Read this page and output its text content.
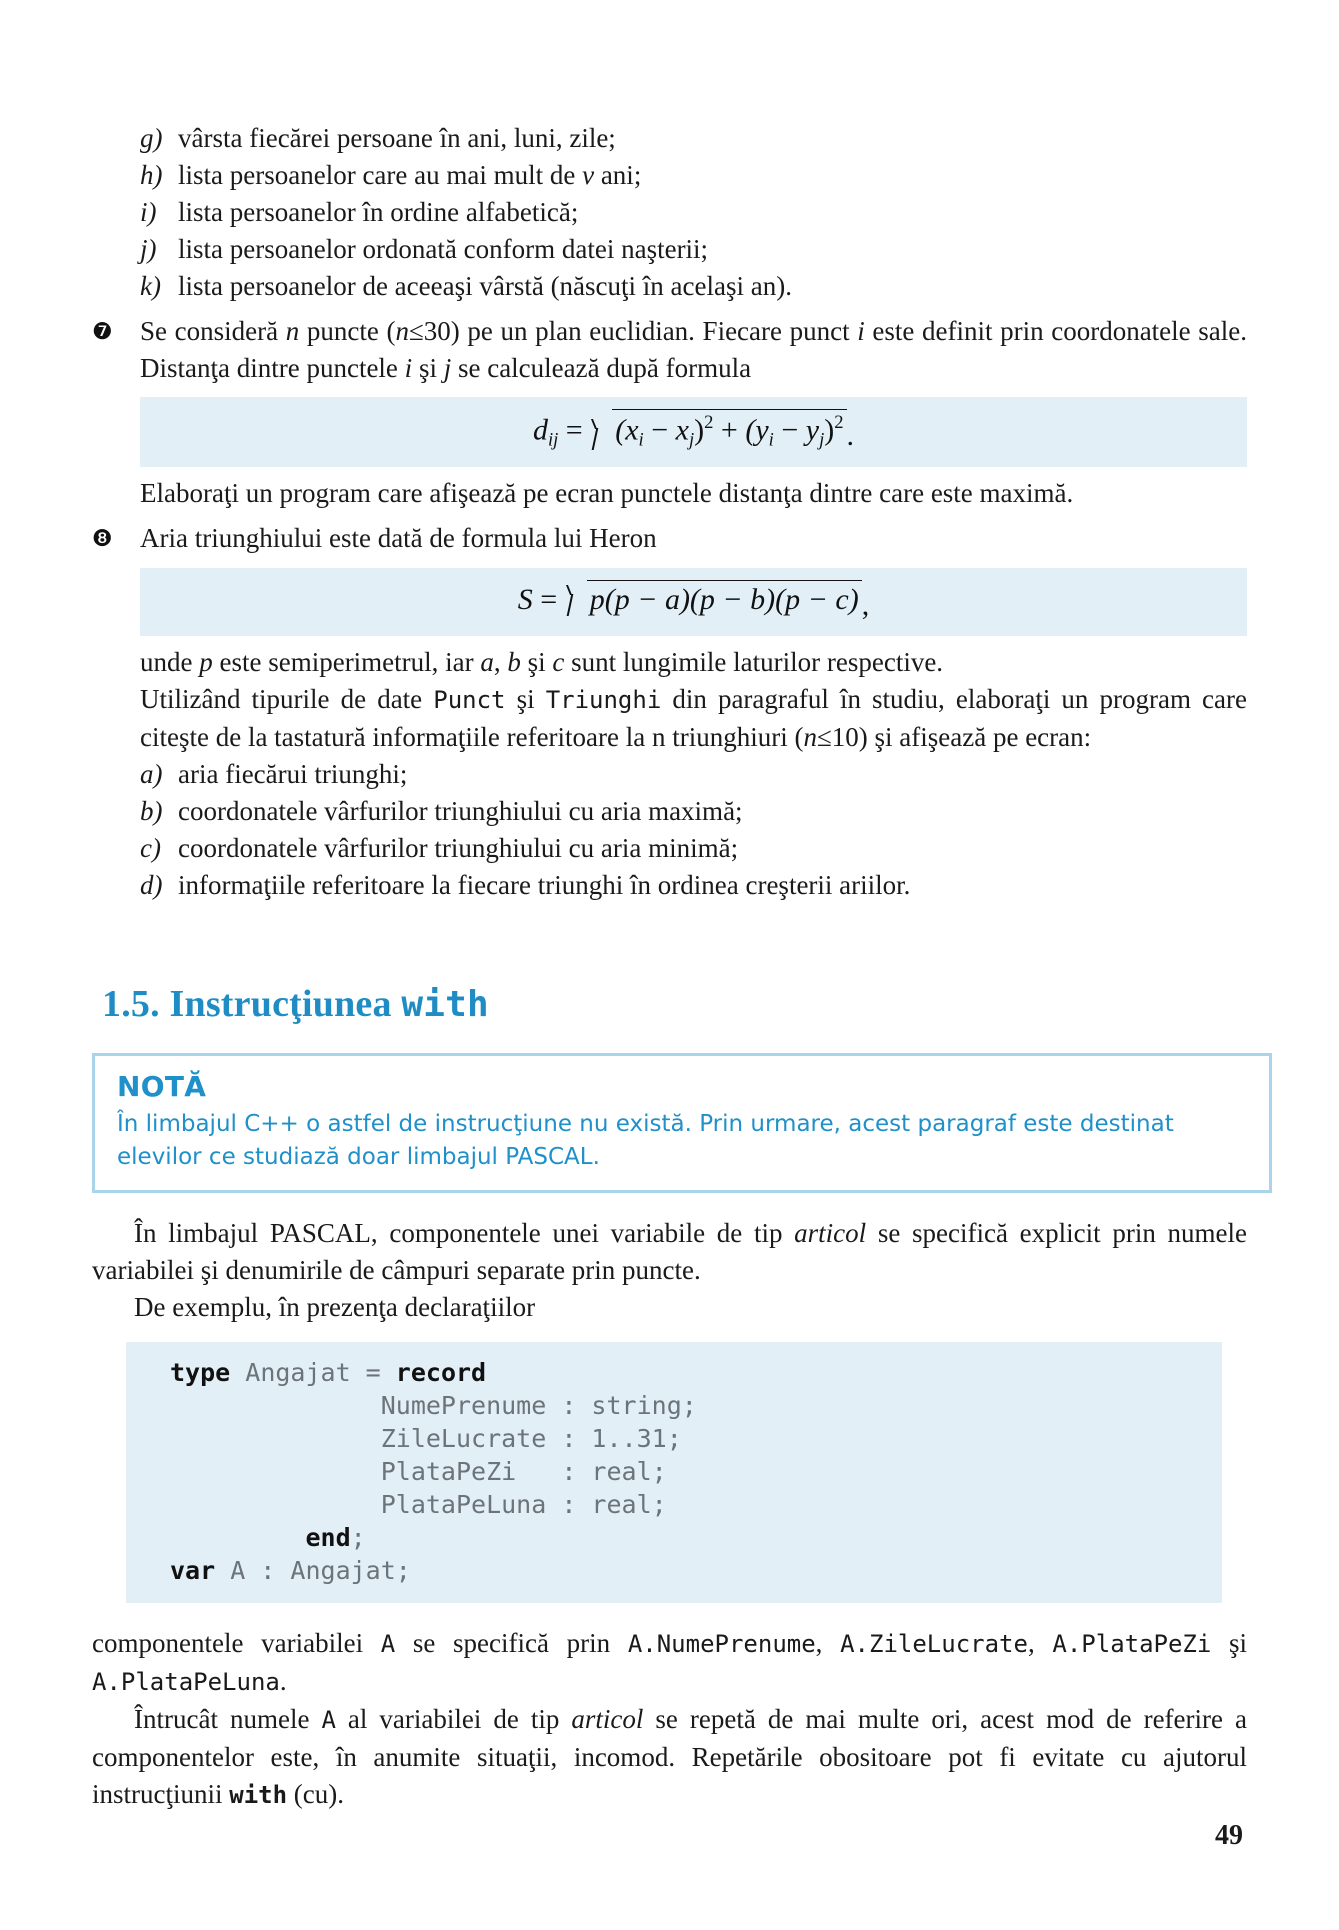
g) vârsta fiecărei persoane în ani, luni, zile;
h) lista persoanelor care au mai mult de v ani;
i) lista persoanelor în ordine alfabetică;
j) lista persoanelor ordonată conform datei naşterii;
k) lista persoanelor de aceeaşi vârstă (născuţi în acelaşi an).
❼	Se consideră n puncte (n≤30) pe un plan euclidian. Fiecare punct i este definit prin coordonatele sale. Distanţa dintre punctele i şi j se calculează după formula
$d_{ij} = (x_i - x_j)^2 + (y_i - y_j)^2$ .
Elaboraţi un program care afişează pe ecran punctele distanţa dintre care este maximă.
❽	Aria triunghiului este dată de formula lui Heron
S = p(p − a)(p − b)(p − c) ,
unde p este semiperimetrul, iar a, b şi c sunt lungimile laturilor respective.
Utilizând tipurile de date Punct şi Triunghi din paragraful în studiu, elaboraţi un program care citeşte de la tastatură informaţiile referitoare la n triunghiuri (n≤10) şi afişează pe ecran:
a) aria fiecărui triunghi;
b) coordonatele vârfurilor triunghiului cu aria maximă;
c) coordonatele vârfurilor triunghiului cu aria minimă;
d) informaţiile referitoare la fiecare triunghi în ordinea creşterii ariilor.
1.5. Instrucţiunea with
NOTĂ
În limbajul C++ o astfel de instrucţiune nu există. Prin urmare, acest paragraf este destinat elevilor ce studiază doar limbajul PASCAL.

În limbajul PASCAL, componentele unei variabile de tip articol se specifică explicit prin numele variabilei şi denumirile de câmpuri separate prin puncte.

De exemplu, în prezenţa declaraţiilor

type Angajat = record
NumePrenume : string;
ZileLucrate : 1..31;
PlataPeZi   : real;
PlataPeLuna : real;
end;
var A : Angajat;

componentele variabilei A se specifică prin A.NumePrenume, A.ZileLucrate, A.PlataPeZi şi A.PlataPeLuna.

Întrucât numele A al variabilei de tip articol se repetă de mai multe ori, acest mod de referire a componentelor este, în anumite situaţii, incomod. Repetările obositoare pot fi evitate cu ajutorul instrucţiunii with (cu).

49
